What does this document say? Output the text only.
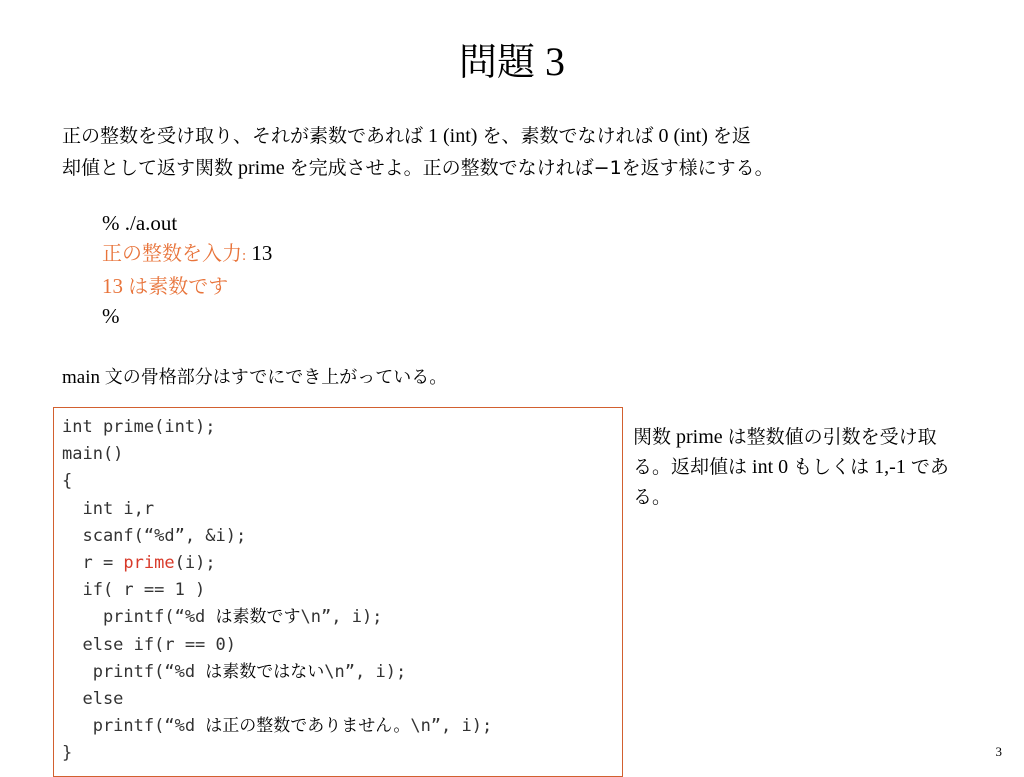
問題 3
正の整数を受け取り、それが素数であれば 1 (int) を、素数でなければ 0 (int) を返
却値として返す関数 prime を完成させよ。正の整数でなければ−1を返す様にする。
% ./a.out
正の整数を入力: 13
13 は素数です
%
main 文の骨格部分はすでにでき上がっている。
int prime(int);
main()
{
int i,r
scanf(“%d”, &i);
r = prime(i);
if( r == 1 )
printf(“%d は素数です\n”, i);
else if(r == 0)
printf(“%d は素数ではない\n”, i);
else
printf(“%d は正の整数でありません。\n”, i);
}
関数 prime は整数値の引数を受け取る。返却値は int 0 もしくは 1,-1 である。
3
